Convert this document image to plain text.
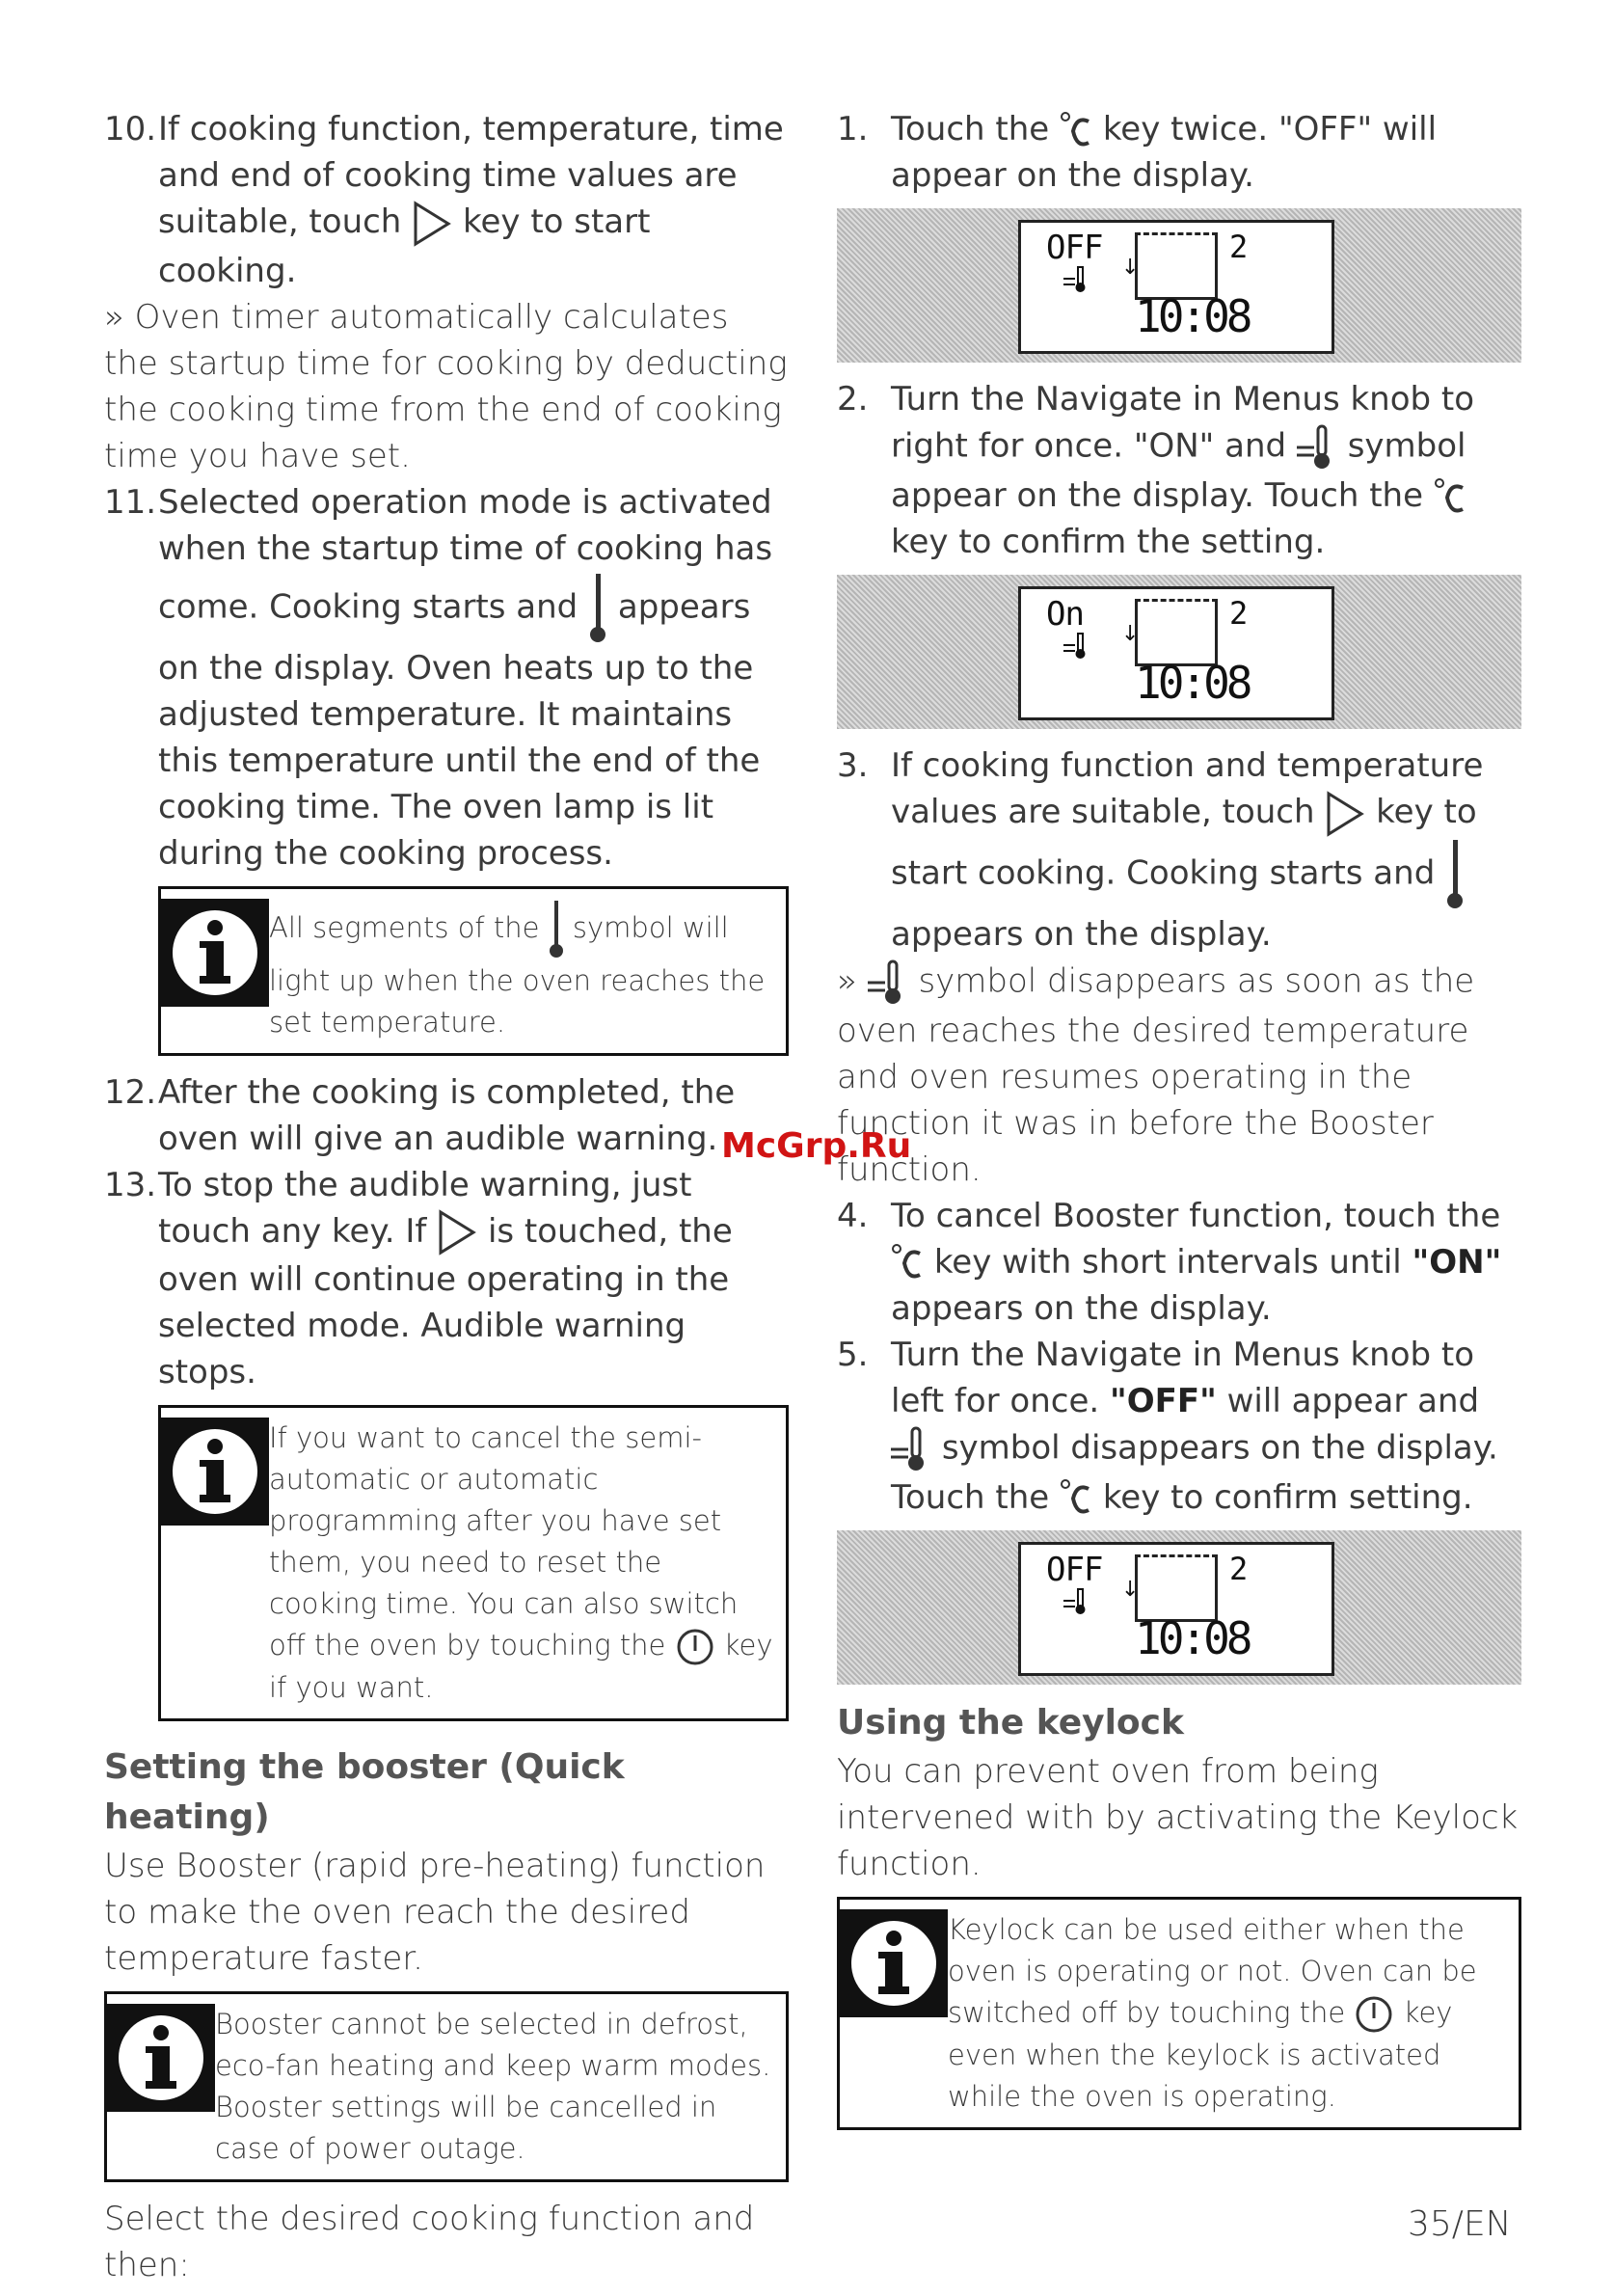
10. If cooking function, temperature, time and end of cooking time values are suitable, touch key to start cooking.

» Oven timer automatically calculates the startup time for cooking by deducting the cooking time from the end of cooking time you have set.

11. Selected operation mode is activated when the startup time of cooking has come. Cooking starts and appears on the display. Oven heats up to the adjusted temperature. It maintains this temperature until the end of the cooking time. The oven lamp is lit during the cooking process.

All segments of the symbol will light up when the oven reaches the set temperature.

12. After the cooking is completed, the oven will give an audible warning.
13. To stop the audible warning, just touch any key. If is touched, the oven will continue operating in the selected mode. Audible warning stops.

If you want to cancel the semi-automatic or automatic programming after you have set them, you need to reset the cooking time. You can also switch off the oven by touching the key if you want.

Setting the booster (Quick heating)

Use Booster (rapid pre-heating) function to make the oven reach the desired temperature faster.

Booster cannot be selected in defrost, eco-fan heating and keep warm modes. Booster settings will be cancelled in case of power outage.

Select the desired cooking function and then:

1. Touch the key twice. "OFF" will appear on the display.
OFF
↓
2
10:08
2. Turn the Navigate in Menus knob to right for once. "ON" and symbol appear on the display. Touch the
key to confirm the setting.
On
↓
2
10:08
3. If cooking function and temperature values are suitable, touch key to start cooking. Cooking starts and
appears on the display.

» symbol disappears as soon as the oven reaches the desired temperature and oven resumes operating in the function it was in before the Booster function.

4. To cancel Booster function, touch the
key with short intervals until "ON" appears on the display.
5. Turn the Navigate in Menus knob to left for once. "OFF" will appear and
symbol disappears on the display. Touch the key to confirm setting.
OFF
↓
2
10:08
Using the keylock

You can prevent oven from being intervened with by activating the Keylock function.

Keylock can be used either when the oven is operating or not. Oven can be switched off by touching the key even when the keylock is activated while the oven is operating.

McGrp.Ru
35/EN
